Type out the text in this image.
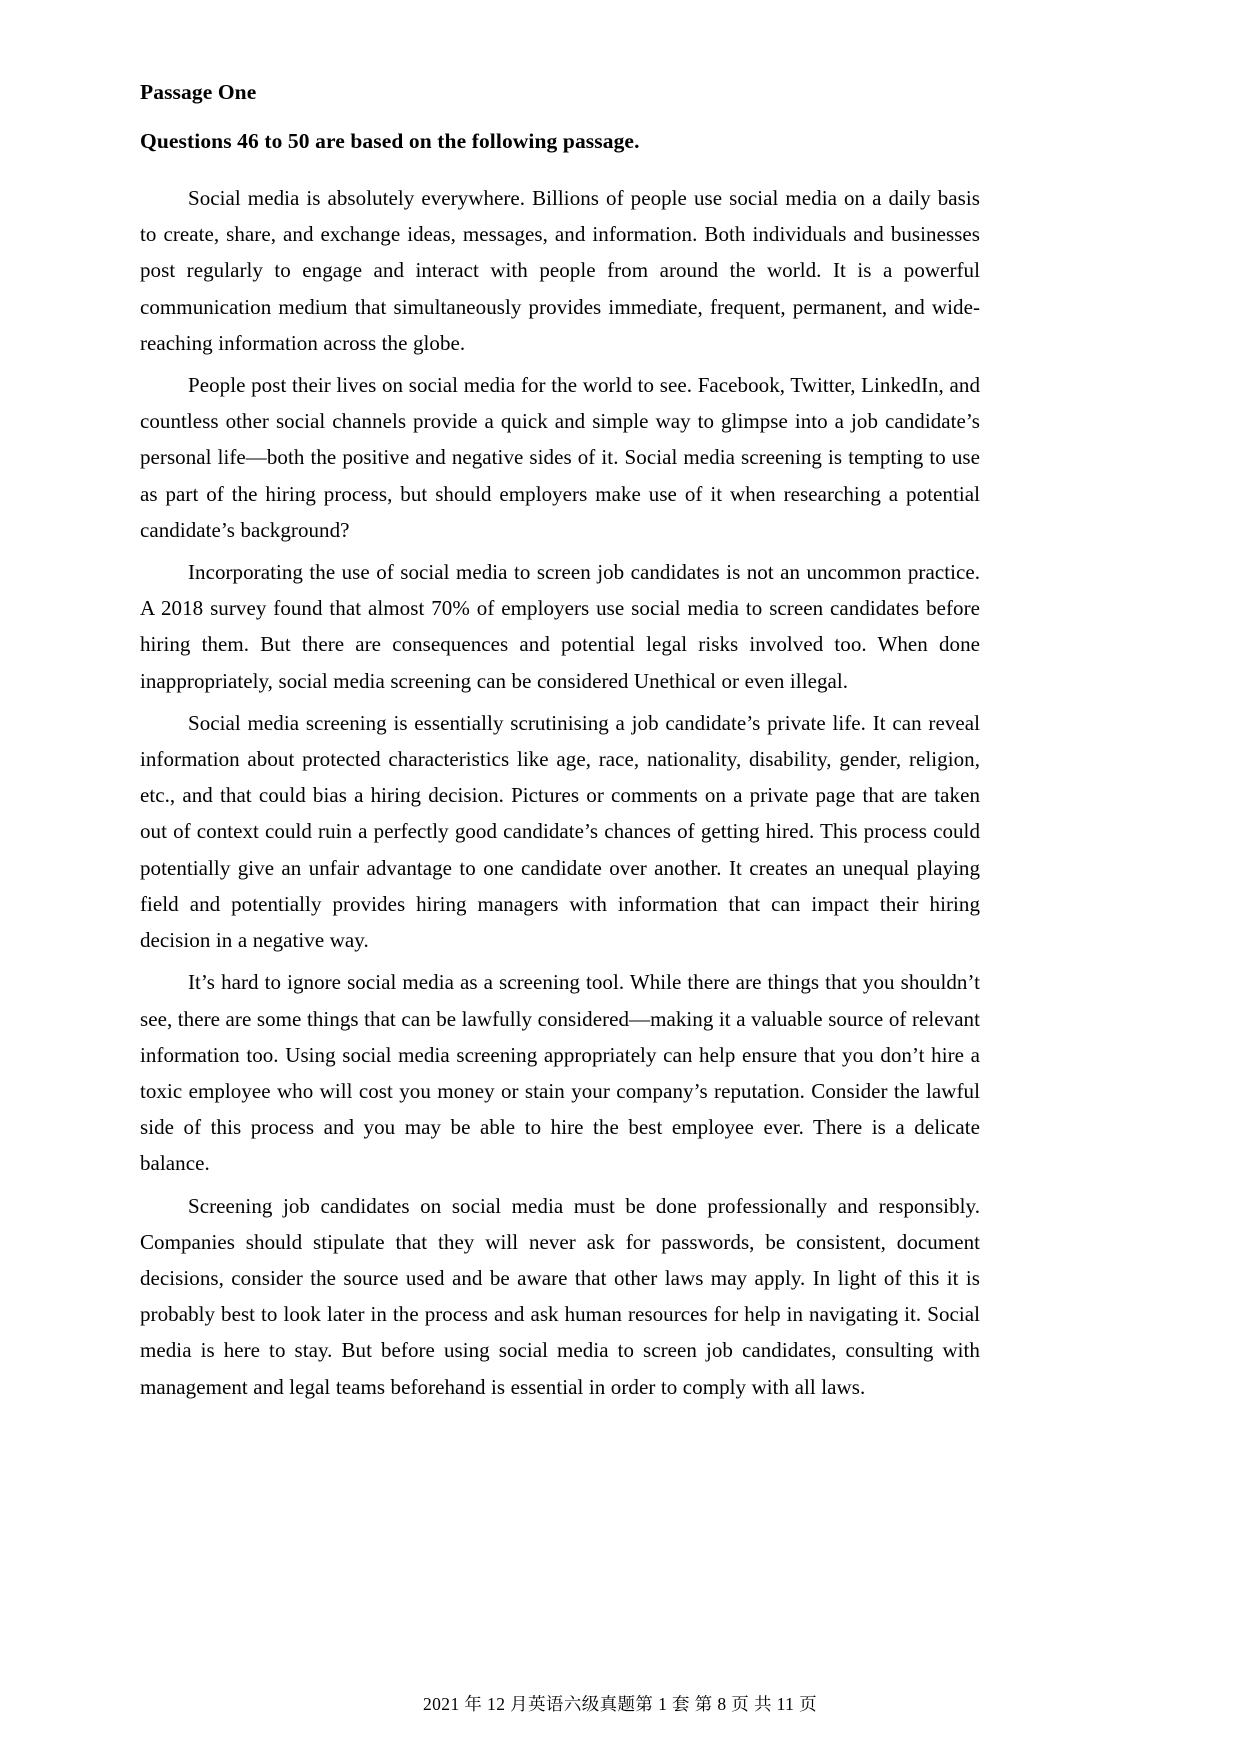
Passage One
Questions 46 to 50 are based on the following passage.

Social media is absolutely everywhere. Billions of people use social media on a daily basis to create, share, and exchange ideas, messages, and information. Both individuals and businesses post regularly to engage and interact with people from around the world. It is a powerful communication medium that simultaneously provides immediate, frequent, permanent, and wide-reaching information across the globe.

People post their lives on social media for the world to see. Facebook, Twitter, LinkedIn, and countless other social channels provide a quick and simple way to glimpse into a job candidate’s personal life—both the positive and negative sides of it. Social media screening is tempting to use as part of the hiring process, but should employers make use of it when researching a potential candidate’s background?

Incorporating the use of social media to screen job candidates is not an uncommon practice. A 2018 survey found that almost 70% of employers use social media to screen candidates before hiring them. But there are consequences and potential legal risks involved too. When done inappropriately, social media screening can be considered Unethical or even illegal.

Social media screening is essentially scrutinising a job candidate’s private life. It can reveal information about protected characteristics like age, race, nationality, disability, gender, religion, etc., and that could bias a hiring decision. Pictures or comments on a private page that are taken out of context could ruin a perfectly good candidate’s chances of getting hired. This process could potentially give an unfair advantage to one candidate over another. It creates an unequal playing field and potentially provides hiring managers with information that can impact their hiring decision in a negative way.

It’s hard to ignore social media as a screening tool. While there are things that you shouldn’t see, there are some things that can be lawfully considered—making it a valuable source of relevant information too. Using social media screening appropriately can help ensure that you don’t hire a toxic employee who will cost you money or stain your company’s reputation. Consider the lawful side of this process and you may be able to hire the best employee ever. There is a delicate balance.

Screening job candidates on social media must be done professionally and responsibly. Companies should stipulate that they will never ask for passwords, be consistent, document decisions, consider the source used and be aware that other laws may apply. In light of this it is probably best to look later in the process and ask human resources for help in navigating it. Social media is here to stay. But before using social media to screen job candidates, consulting with management and legal teams beforehand is essential in order to comply with all laws.

2021 年 12 月英语六级真题第 1 套 第 8 页 共 11 页
